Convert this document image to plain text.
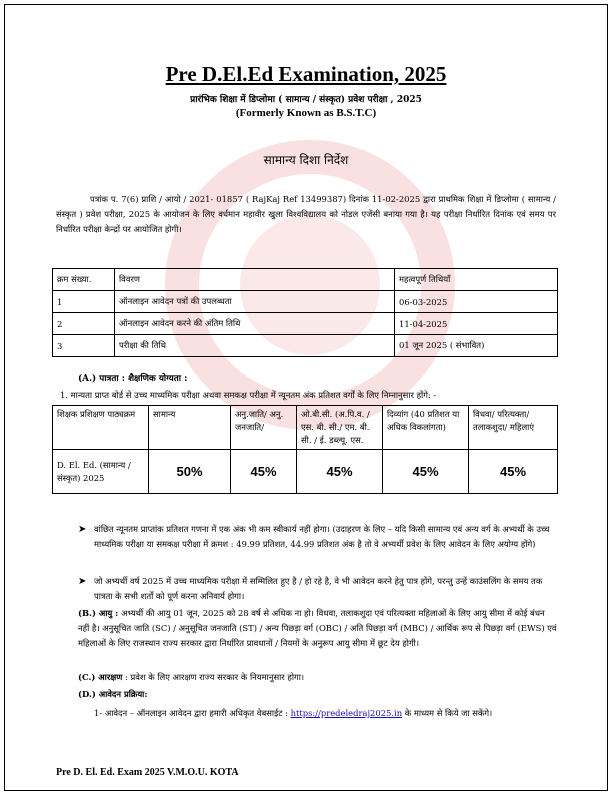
Pre D.El.Ed Examination, 2025
प्रारंभिक शिक्षा में डिप्लोमा ( सामान्य / संस्कृत) प्रवेश परीक्षा , 2025
(Formerly Known as B.S.T.C)
सामान्य दिशा निर्देश
पत्रांक प. 7(6) प्राशि / आयो / 2021- 01857 ( RajKaj Ref 13499387) दिनांक 11-02-2025 द्वारा प्राथमिक शिक्षा में डिप्लोमा ( सामान्य / संस्कृत ) प्रवेश परीक्षा, 2025 के आयोजन के लिए वर्धमान महावीर खुला विश्वविद्यालय को नोडल एजेंसी बनाया गया है। यह परीक्षा निर्धारित दिनांक एवं समय पर निर्धारित परीक्षा केन्द्रों पर आयोजित होगी।
क्रम संख्या.	विवरण	महत्वपूर्ण तिथियाँ
1	ऑनलाइन आवेदन पत्रों की उपलब्धता	06-03-2025
2	ऑनलाइन आवेदन करने की अंतिम तिथि	11-04-2025
3	परीक्षा की तिथि	01 जून 2025 ( संभावित)
(A.) पात्रता : शैक्षणिक योग्यता :
1. मान्यता प्राप्त बोर्ड से उच्च माध्यमिक परीक्षा अथवा समकक्ष परीक्षा में न्यूनतम अंक प्रतिशत वर्गों के लिए निम्नानुसार होंगे: -
शिक्षक प्रशिक्षण पाठ्यक्रम	सामान्य	अनु.जाति/ अनु. जनजाति/	ओ.बी.सी. (अ.पि.व. / एस. बी. सी./ एम. बी. सी. / ई. डब्ल्यू. एस.	दिव्यांग (40 प्रतिशत या अधिक विकलांगता)	विधवा/ परित्यक्ता/ तलाकशुदा/ महिलाएं
D. El. Ed. (सामान्य / संस्कृत) 2025	50%	45%	45%	45%	45%
➤ वांछित न्यूनतम प्राप्तांक प्रतिशत गणना में एक अंक भी कम स्वीकार्य नहीं होगा। (उदाहरण के लिए – यदि किसी सामान्य एवं अन्य वर्ग के अभ्यर्थी के उच्च माध्यमिक परीक्षा या समकक्ष परीक्षा में क्रमश : 49.99 प्रतिशत, 44.99 प्रतिशत अंक है तो वे अभ्यर्थी प्रवेश के लिए आवेदन के लिए अयोग्य होंगे)
➤ जो अभ्यर्थी वर्ष 2025 में उच्च माध्यमिक परीक्षा में सम्मिलित हुए है / हो रहे है, वे भी आवेदन करने हेतु पात्र होंगे, परन्तु उन्हें काउंसलिंग के समय तक पात्रता के सभी शर्तों को पूर्ण करना अनिवार्य होगा।
(B.) आयु : अभ्यर्थी की आयु 01 जून, 2025 को 28 वर्ष से अधिक ना हो। विधवा, तलाकशुदा एवं परित्यक्ता महिलाओं के लिए आयु सीमा में कोई बंधन नहीं है। अनुसूचित जाति (SC) / अनुसूचित जनजाति (ST) / अन्य पिछड़ा वर्ग (OBC) / अति पिछड़ा वर्ग (MBC) / आर्थिक रूप से पिछड़ा वर्ग (EWS) एवं महिलाओं के लिए राजस्थान राज्य सरकार द्वारा निर्धारित प्रावधानों / नियमों के अनुरूप आयु सीमा में छूट देय होगी।
(C.) आरक्षण : प्रवेश के लिए आरक्षण राज्य सरकार के नियमानुसार होगा।
(D.) आवेदन प्रक्रिया:
1- आवेदन – ऑनलाइन आवेदन द्वारा हमारी अधिकृत वेबसाईट : https://predeledraj2025.in के माध्यम से किये जा सकेंगे।
Pre D. El. Ed. Exam 2025 V.M.O.U. KOTA
